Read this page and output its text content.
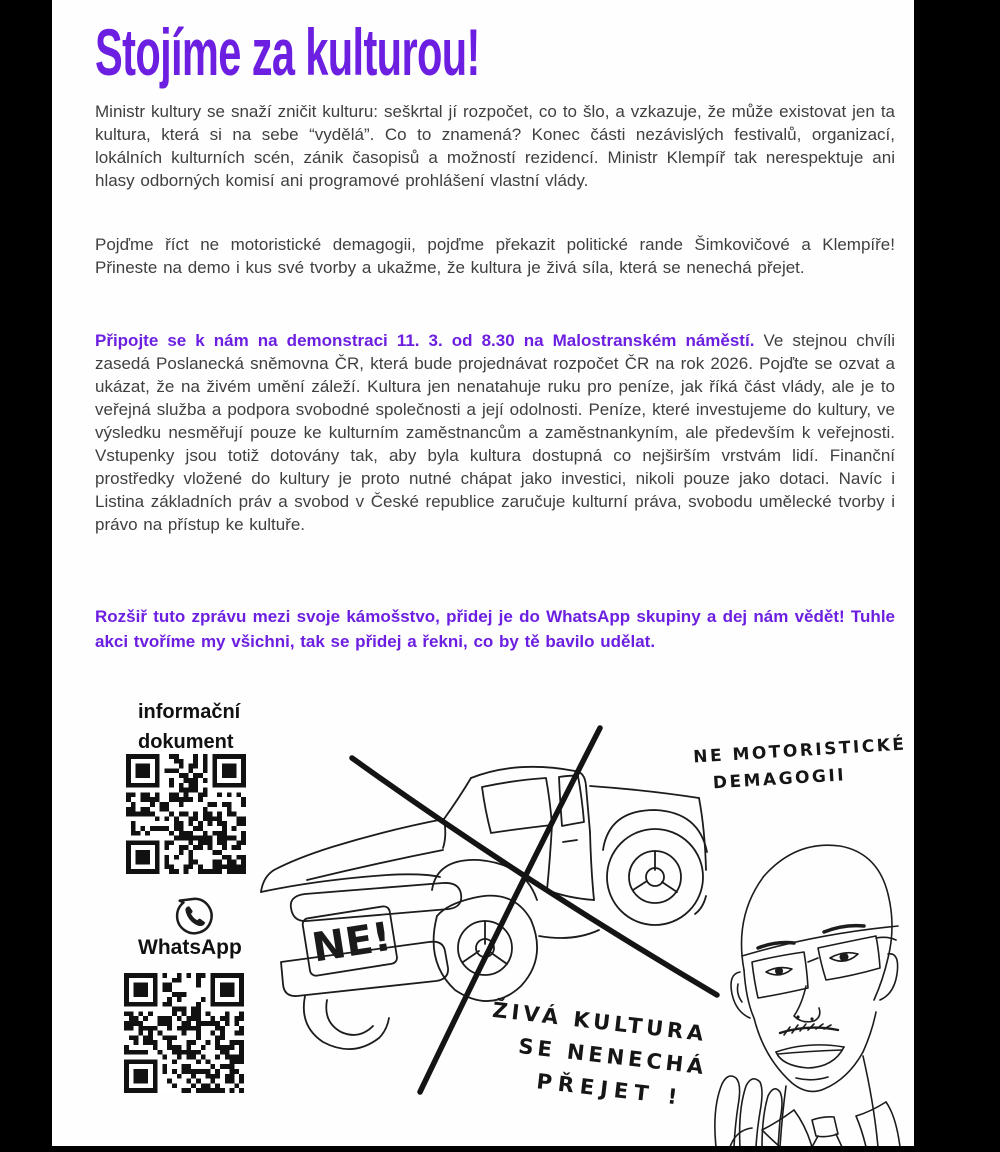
Stojíme za kulturou!

Ministr kultury se snaží zničit kulturu: seškrtal jí rozpočet, co to šlo, a vzkazuje, že může existovat jen ta kultura, která si na sebe “vydělá”. Co to znamená? Konec části nezávislých festivalů, organizací, lokálních kulturních scén, zánik časopisů a možností rezidencí. Ministr Klempíř tak nerespektuje ani hlasy odborných komisí ani programové prohlášení vlastní vlády.

Pojďme říct ne motoristické demagogii, pojďme překazit politické rande Šimkovičové a Klempíře! Přineste na demo i kus své tvorby a ukažme, že kultura je živá síla, která se nenechá přejet.

Připojte se k nám na demonstraci 11. 3. od 8.30 na Malostranském náměstí. Ve stejnou chvíli zasedá Poslanecká sněmovna ČR, která bude projednávat rozpočet ČR na rok 2026. Pojďte se ozvat a ukázat, že na živém umění záleží. Kultura jen nenatahuje ruku pro peníze, jak říká část vlády, ale je to veřejná služba a podpora svobodné společnosti a její odolnosti. Peníze, které investujeme do kultury, ve výsledku nesměřují pouze ke kulturním zaměstnancům a zaměstnankyním, ale především k veřejnosti. Vstupenky jsou totiž dotovány tak, aby byla kultura dostupná co nejširším vrstvám lidí. Finanční prostředky vložené do kultury je proto nutné chápat jako investici, nikoli pouze jako dotaci. Navíc i Listina základních práv a svobod v České republice zaručuje kulturní práva, svobodu umělecké tvorby i právo na přístup ke kultuře.

Rozšiř tuto zprávu mezi svoje kámošstvo, přidej je do WhatsApp skupiny a dej nám vědět! Tuhle akci tvoříme my všichni, tak se přidej a řekni, co by tě bavilo udělat.

informační
dokument
WhatsApp NE!
NE MOTORISTICKÉ
DEMAGOGII
ŽIVÁ KULTURA
SE NENECHÁ
PŘEJET !
